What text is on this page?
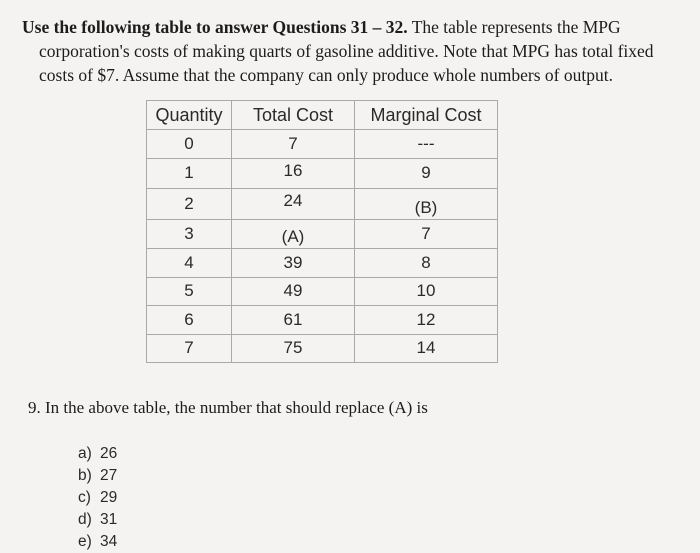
Use the following table to answer Questions 31 – 32. The table represents the MPG
corporation's costs of making quarts of gasoline additive. Note that MPG has total fixed
costs of $7. Assume that the company can only produce whole numbers of output.
Quantity	Total Cost	Marginal Cost
0	7	---
1	16	9
2	24	(B)
3	(A)	7
4	39	8
5	49	10
6	61	12
7	75	14
9. In the above table, the number that should replace (A) is
a) 26
b) 27
c) 29
d) 31
e) 34
